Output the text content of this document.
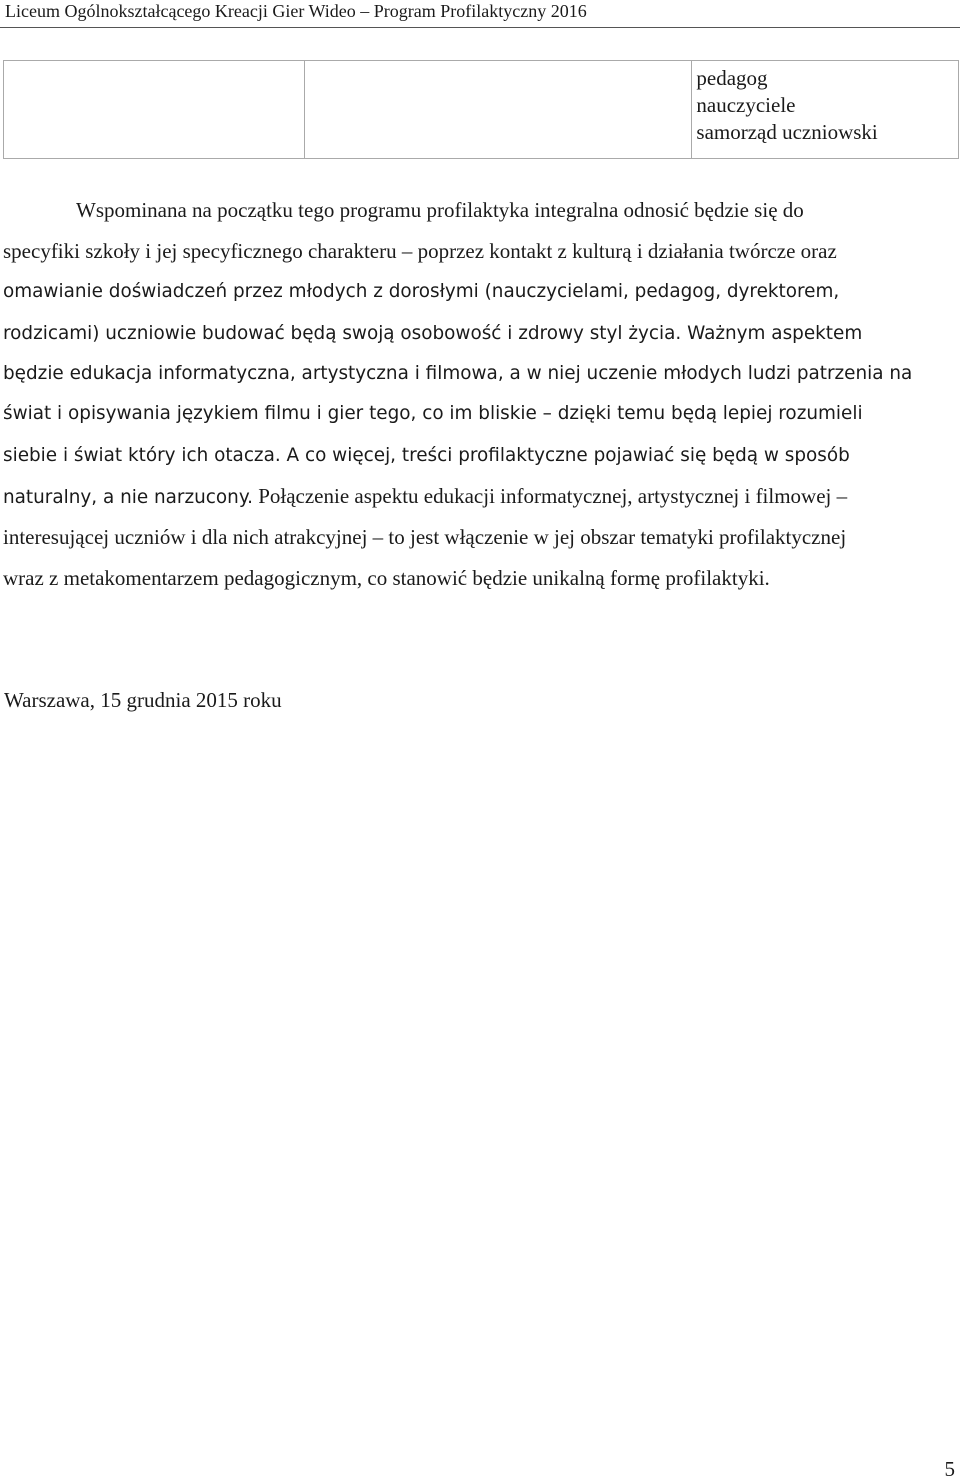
Liceum Ogólnokształcącego Kreacji Gier Wideo – Program Profilaktyczny 2016

pedagog
nauczyciele
samorząd uczniowski
Wspominana na początku tego programu profilaktyka integralna odnosić będzie się do
specyfiki szkoły i jej specyficznego charakteru – poprzez kontakt z kulturą i działania twórcze oraz
omawianie doświadczeń przez młodych z dorosłymi (nauczycielami, pedagog, dyrektorem,
rodzicami) uczniowie budować będą swoją osobowość i zdrowy styl życia. Ważnym aspektem
będzie edukacja informatyczna, artystyczna i filmowa, a w niej uczenie młodych ludzi patrzenia na
świat i opisywania językiem filmu i gier tego, co im bliskie – dzięki temu będą lepiej rozumieli
siebie i świat który ich otacza. A co więcej, treści profilaktyczne pojawiać się będą w sposób
naturalny, a nie narzucony. Połączenie aspektu edukacji informatycznej, artystycznej i filmowej –
interesującej uczniów i dla nich atrakcyjnej – to jest włączenie w jej obszar tematyki profilaktycznej
wraz z metakomentarzem pedagogicznym, co stanowić będzie unikalną formę profilaktyki.
Warszawa, 15 grudnia 2015 roku
5
